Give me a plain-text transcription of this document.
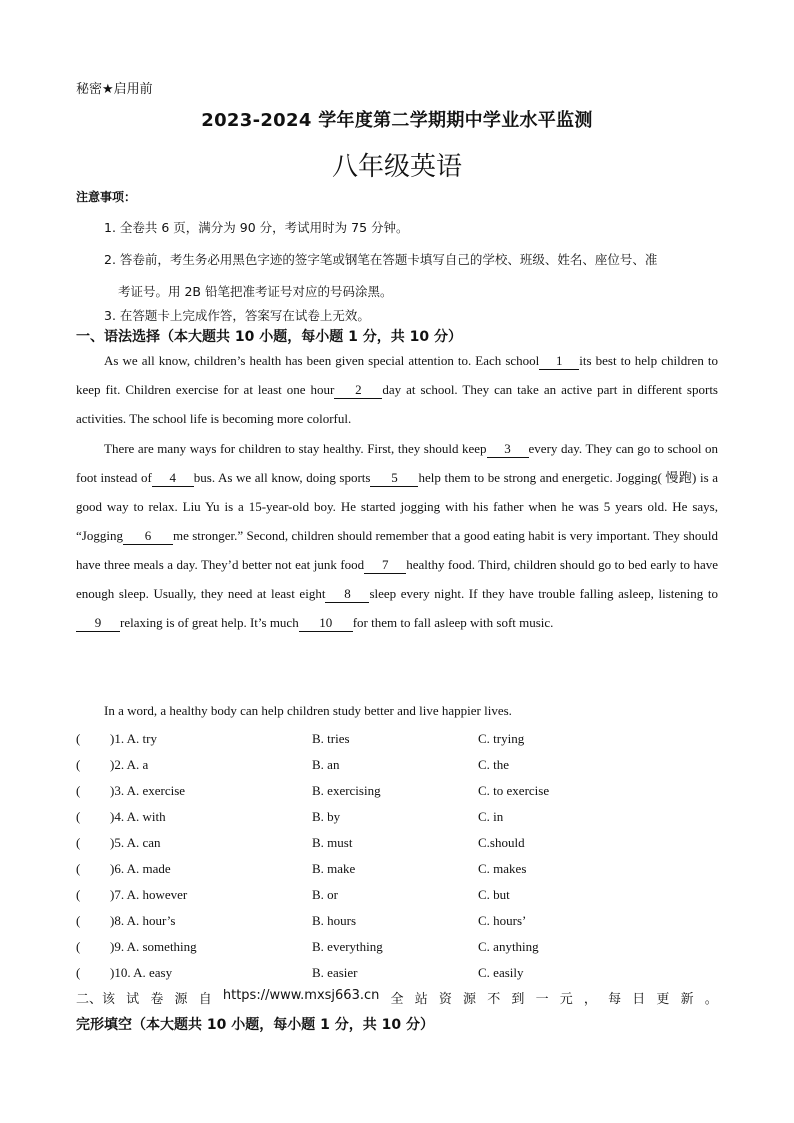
秘密★启用前
2023-2024 学年度第二学期期中学业水平监测
八年级英语
注意事项：
1. 全卷共 6 页，满分为 90 分，考试用时为 75 分钟。
2. 答卷前，考生务必用黑色字迹的签字笔或钢笔在答题卡填写自己的学校、班级、姓名、座位号、准
考证号。用 2B 铅笔把准考证号对应的号码涂黑。
3. 在答题卡上完成作答，答案写在试卷上无效。
一、语法选择（本大题共 10 小题，每小题 1 分，共 10 分）

As we all know, children’s health has been given special attention to. Each school 1 its best to help children to keep fit. Children exercise for at least one hour 2 day at school. They can take an active part in different sports activities. The school life is becoming more colorful.

There are many ways for children to stay healthy. First, they should keep 3 every day. They can go to school on foot instead of 4 bus. As we all know, doing sports 5 help them to be strong and energetic. Jogging( 慢跑) is a good way to relax. Liu Yu is a 15-year-old boy. He started jogging with his father when he was 5 years old. He says, “Jogging 6 me stronger.” Second, children should remember that a good eating habit is very important. They should have three meals a day. They’d better not eat junk food 7 healthy food. Third, children should go to bed early to have enough sleep. Usually, they need at least eight 8 sleep every night. If they have trouble falling asleep, listening to9 relaxing is of great help. It’s much 10 for them to fall asleep with soft music.

In a word, a healthy body can help children study better and live happier lives.

( )1. A. try	B. tries	C. trying
( )2. A. a	B. an	C. the
( )3. A. exercise	B. exercising	C. to exercise
( )4. A. with	B. by	C. in
( )5. A. can	B. must	C.should
( )6. A. made	B. make	C. makes
( )7. A. however	B. or	C. but
( )8. A. hour’s	B. hours	C. hours’
( )9. A. something	B. everything	C. anything
( )10. A. easy	B. easier	C. easily
二、该 试 卷 源 自 https://www.mxsj663.cn 全 站 资 源 不 到 一 元 ， 每 日 更 新 。
完形填空（本大题共 10 小题，每小题 1 分，共 10 分）
